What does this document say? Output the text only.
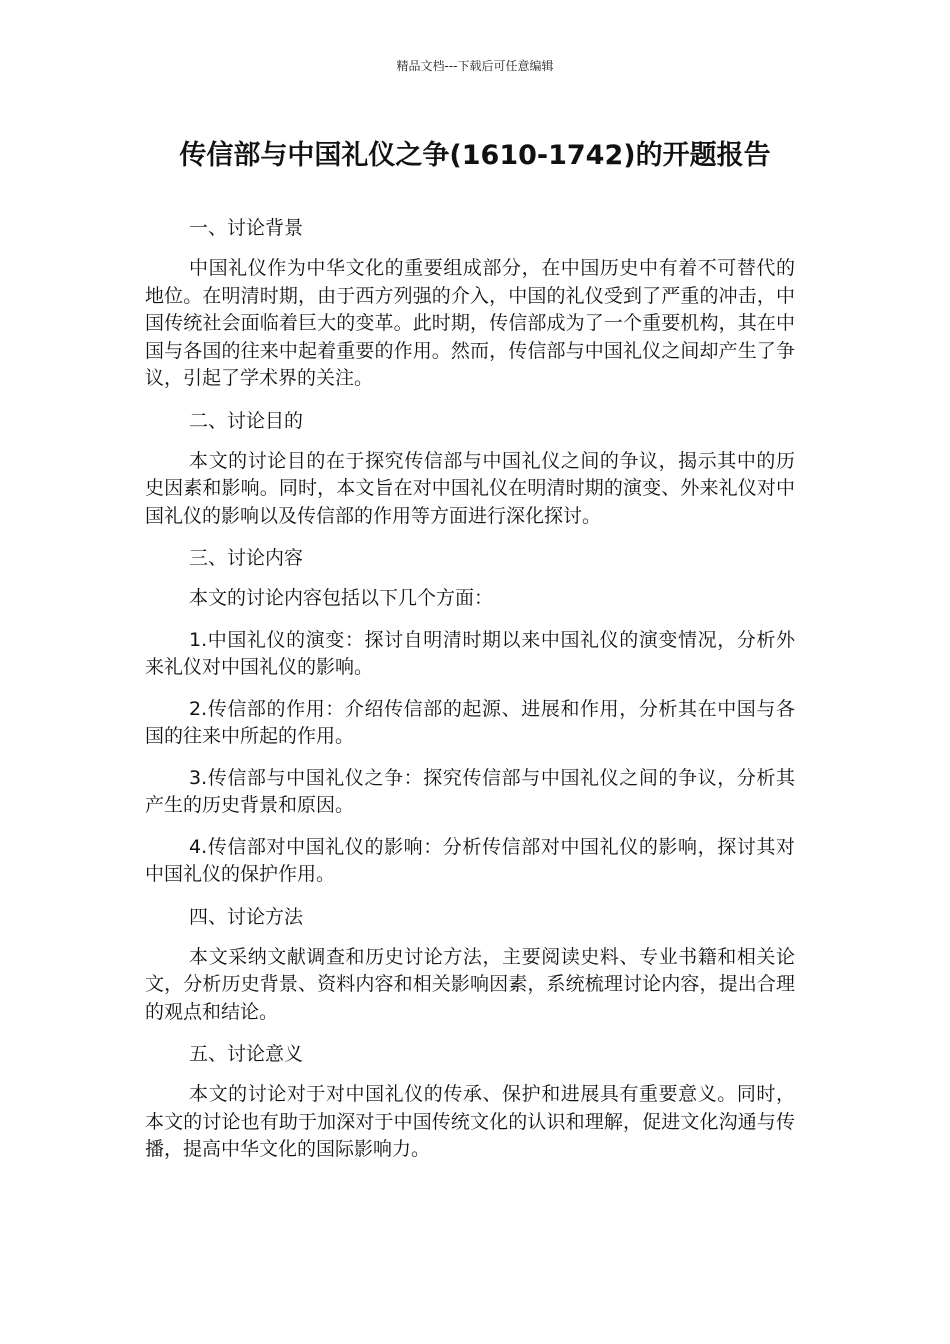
精品文档---下载后可任意编辑
传信部与中国礼仪之争(1610-1742)的开题报告

一、讨论背景

中国礼仪作为中华文化的重要组成部分，在中国历史中有着不可替代的地位。在明清时期，由于西方列强的介入，中国的礼仪受到了严重的冲击，中国传统社会面临着巨大的变革。此时期，传信部成为了一个重要机构，其在中国与各国的往来中起着重要的作用。然而，传信部与中国礼仪之间却产生了争议，引起了学术界的关注。

二、讨论目的

本文的讨论目的在于探究传信部与中国礼仪之间的争议，揭示其中的历史因素和影响。同时，本文旨在对中国礼仪在明清时期的演变、外来礼仪对中国礼仪的影响以及传信部的作用等方面进行深化探讨。

三、讨论内容

本文的讨论内容包括以下几个方面：

1.中国礼仪的演变：探讨自明清时期以来中国礼仪的演变情况，分析外来礼仪对中国礼仪的影响。

2.传信部的作用：介绍传信部的起源、进展和作用，分析其在中国与各国的往来中所起的作用。

3.传信部与中国礼仪之争：探究传信部与中国礼仪之间的争议，分析其产生的历史背景和原因。

4.传信部对中国礼仪的影响：分析传信部对中国礼仪的影响，探讨其对中国礼仪的保护作用。

四、讨论方法

本文采纳文献调查和历史讨论方法，主要阅读史料、专业书籍和相关论文，分析历史背景、资料内容和相关影响因素，系统梳理讨论内容，提出合理的观点和结论。

五、讨论意义

本文的讨论对于对中国礼仪的传承、保护和进展具有重要意义。同时，本文的讨论也有助于加深对于中国传统文化的认识和理解，促进文化沟通与传播，提高中华文化的国际影响力。
